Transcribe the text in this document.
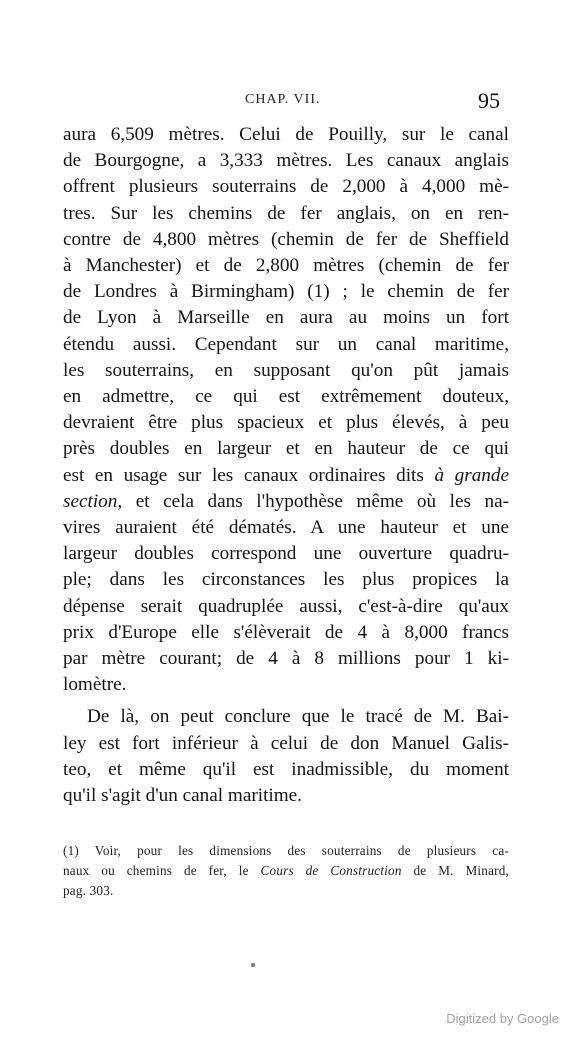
CHAP. VII.	95
aura 6,509 mètres. Celui de Pouilly, sur le canal
de Bourgogne, a 3,333 mètres. Les canaux anglais
offrent plusieurs souterrains de 2,000 à 4,000 mè-
tres. Sur les chemins de fer anglais, on en ren-
contre de 4,800 mètres (chemin de fer de Sheffield
à Manchester) et de 2,800 mètres (chemin de fer
de Londres à Birmingham) (1) ; le chemin de fer
de Lyon à Marseille en aura au moins un fort
étendu aussi. Cependant sur un canal maritime,
les souterrains, en supposant qu'on pût jamais
en admettre, ce qui est extrêmement douteux,
devraient être plus spacieux et plus élevés, à peu
près doubles en largeur et en hauteur de ce qui
est en usage sur les canaux ordinaires dits à grande
section, et cela dans l'hypothèse même où les na-
vires auraient été dématés. A une hauteur et une
largeur doubles correspond une ouverture quadru-
ple; dans les circonstances les plus propices la
dépense serait quadruplée aussi, c'est-à-dire qu'aux
prix d'Europe elle s'élèverait de 4 à 8,000 francs
par mètre courant; de 4 à 8 millions pour 1 ki-
lomètre.
De là, on peut conclure que le tracé de M. Bai-
ley est fort inférieur à celui de don Manuel Galis-
teo, et même qu'il est inadmissible, du moment
qu'il s'agit d'un canal maritime.
(1) Voir, pour les dimensions des souterrains de plusieurs ca-
naux ou chemins de fer, le Cours de Construction de M. Minard,
pag. 303.
Digitized by Google
